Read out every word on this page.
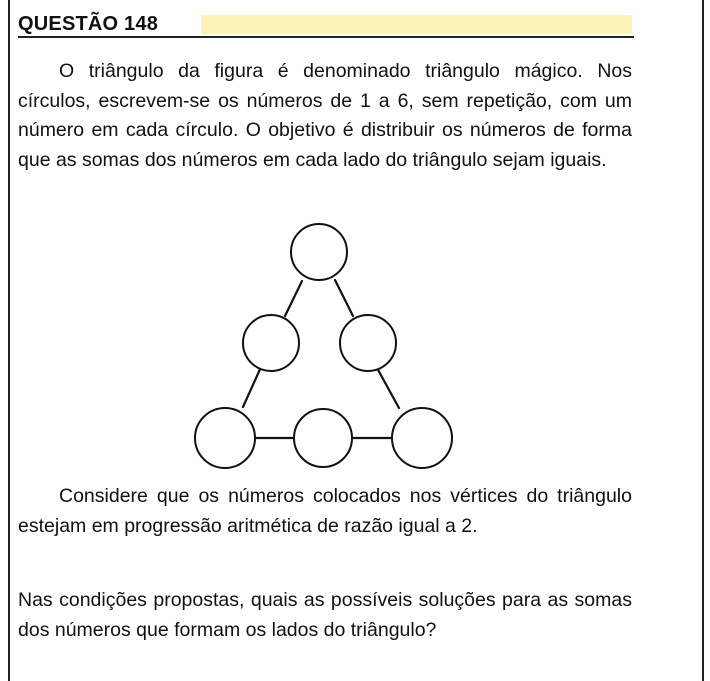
QUESTÃO 148

O triângulo da figura é denominado triângulo mágico. Nos círculos, escrevem-se os números de 1 a 6, sem repetição, com um número em cada círculo. O objetivo é distribuir os números de forma que as somas dos números em cada lado do triângulo sejam iguais.

Considere que os números colocados nos vértices do triângulo estejam em progressão aritmética de razão igual a 2.

Nas condições propostas, quais as possíveis soluções para as somas dos números que formam os lados do triângulo?
